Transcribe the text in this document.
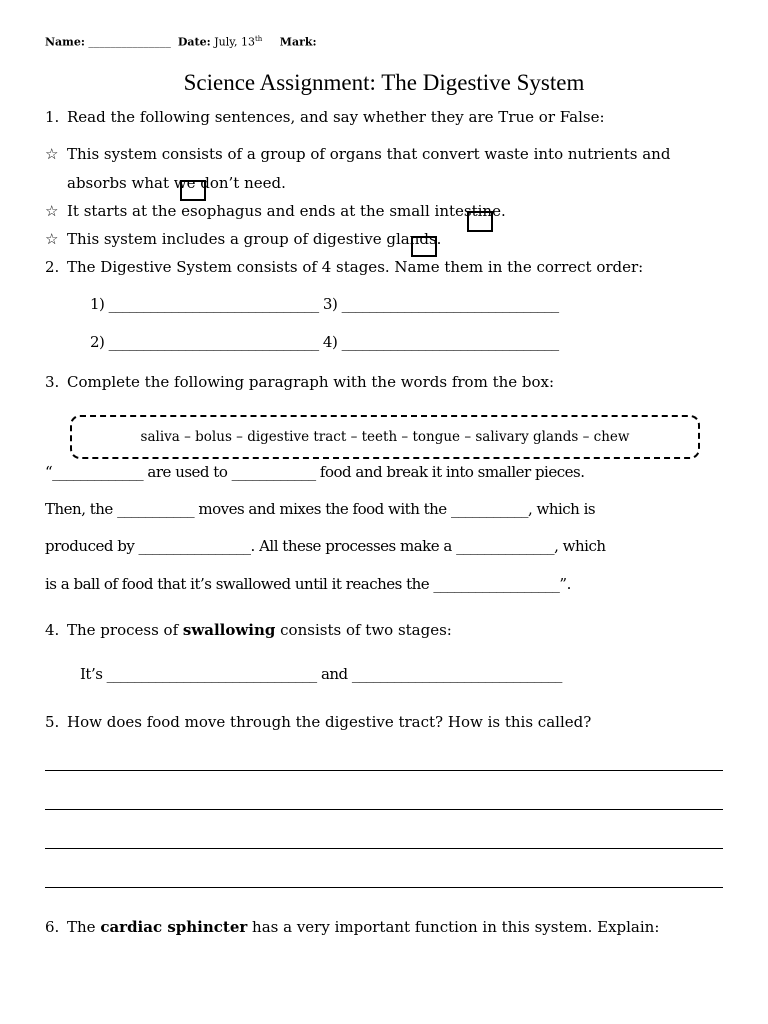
Name: _______________ Date: July, 13th Mark:
Science Assignment: The Digestive System
1. Read the following sentences, and say whether they are True or False:
☆ This system consists of a group of organs that convert waste into nutrients and
absorbs what we don’t need.
☆ It starts at the esophagus and ends at the small intestine.
☆ This system includes a group of digestive glands.
2. The Digestive System consists of 4 stages. Name them in the correct order:
1) ______________________________ 3) _______________________________
2) ______________________________ 4) _______________________________
3. Complete the following paragraph with the words from the box:
saliva – bolus – digestive tract – teeth – tongue – salivary glands – chew
“_____________ are used to ____________ food and break it into smaller pieces.
Then, the ___________ moves and mixes the food with the ___________, which is
produced by ________________. All these processes make a ______________, which
is a ball of food that it’s swallowed until it reaches the __________________”.
4. The process of swallowing consists of two stages:
It’s ______________________________ and ______________________________
5. How does food move through the digestive tract? How is this called?
6. The cardiac sphincter has a very important function in this system. Explain:
